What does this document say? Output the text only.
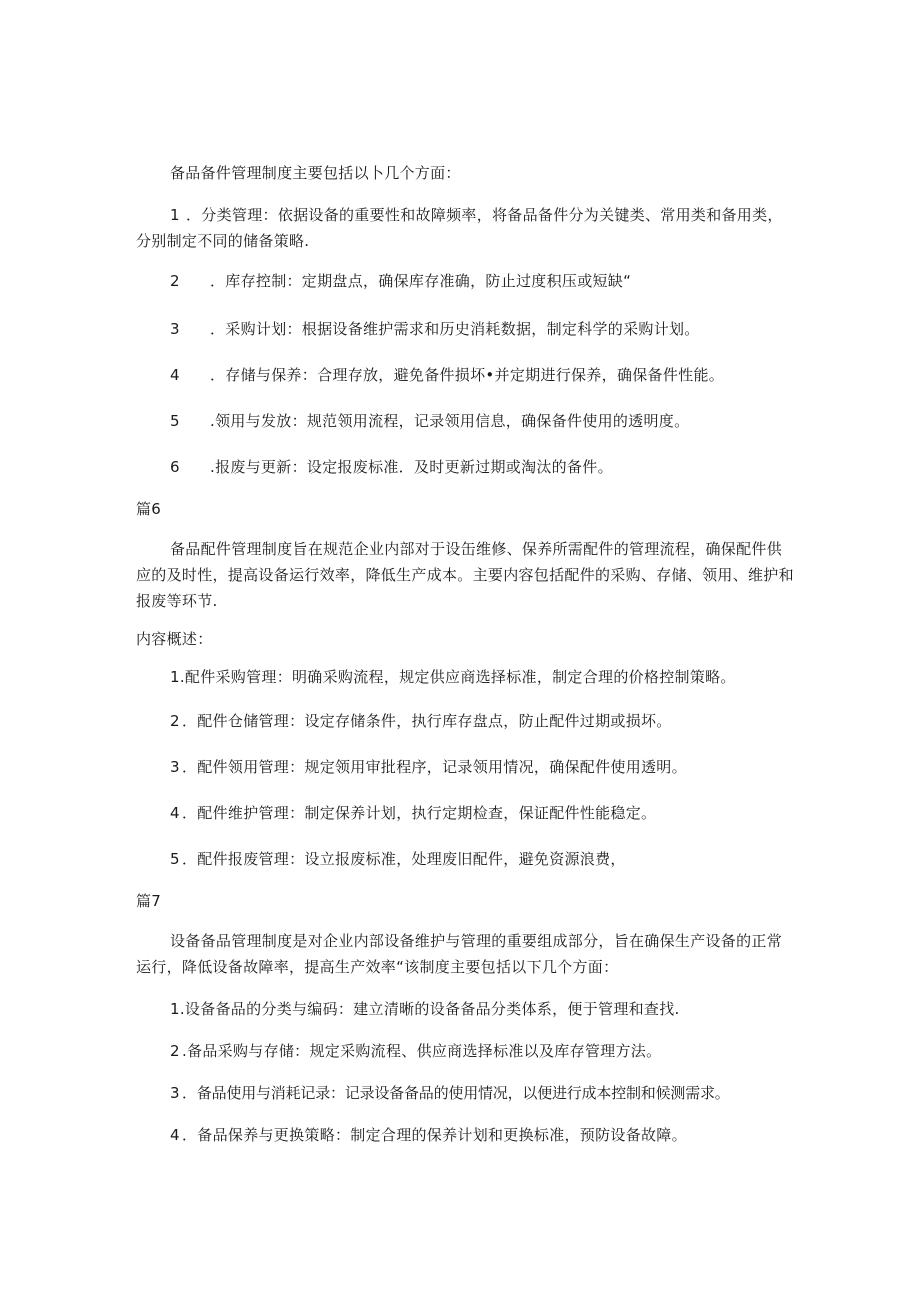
备品备件管理制度主要包括以卜几个方面：

1 ．分类管理：依据设备的重要性和故障频率，将备品备件分为关键类、常用类和备用类，分别制定不同的储备策略.
2	．库存控制：定期盘点，确保库存准确，防止过度积压或短缺“
3	．采购计划：根据设备维护需求和历史消耗数据，制定科学的采购计划。
4	．存储与保养：合理存放，避免备件损坏•并定期进行保养，确保备件性能。
5	.领用与发放：规范领用流程，记录领用信息，确保备件使用的透明度。
6	.报废与更新：设定报废标准．及时更新过期或淘汰的备件。

篇6

备品配件管理制度旨在规范企业内部对于设缶维修、保养所需配件的管理流程，确保配件供应的及时性，提高设备运行效率，降低生产成本。主要内容包括配件的采购、存储、领用、维护和报废等环节.

内容概述：

1.配件采购管理：明确采购流程，规定供应商选择标准，制定合理的价格控制策略。

2 ．配件仓储管理：设定存储条件，执行库存盘点，防止配件过期或损坏。
3 ．配件领用管理：规定领用审批程序，记录领用情况，确保配件使用透明。
4 ．配件维护管理：制定保养计划，执行定期检查，保证配件性能稳定。
5 ．配件报废管理：设立报废标准，处理废旧配件，避免资源浪费，

篇7

设备备品管理制度是对企业内部设备维护与管理的重要组成部分，旨在确保生产设备的正常运行，降低设备故障率，提高生产效率“该制度主要包括以下几个方面：

1.设备备品的分类与编码：建立清晰的设备备品分类体系，便于管理和查找.

2 .备品采购与存储：规定采购流程、供应商选择标准以及库存管理方法。
3 ．备品使用与消耗记录：记录设备备品的使用情况，以便进行成本控制和候测需求。
4 ．备品保养与更换策略：制定合理的保养计划和更换标准，预防设备故障。
